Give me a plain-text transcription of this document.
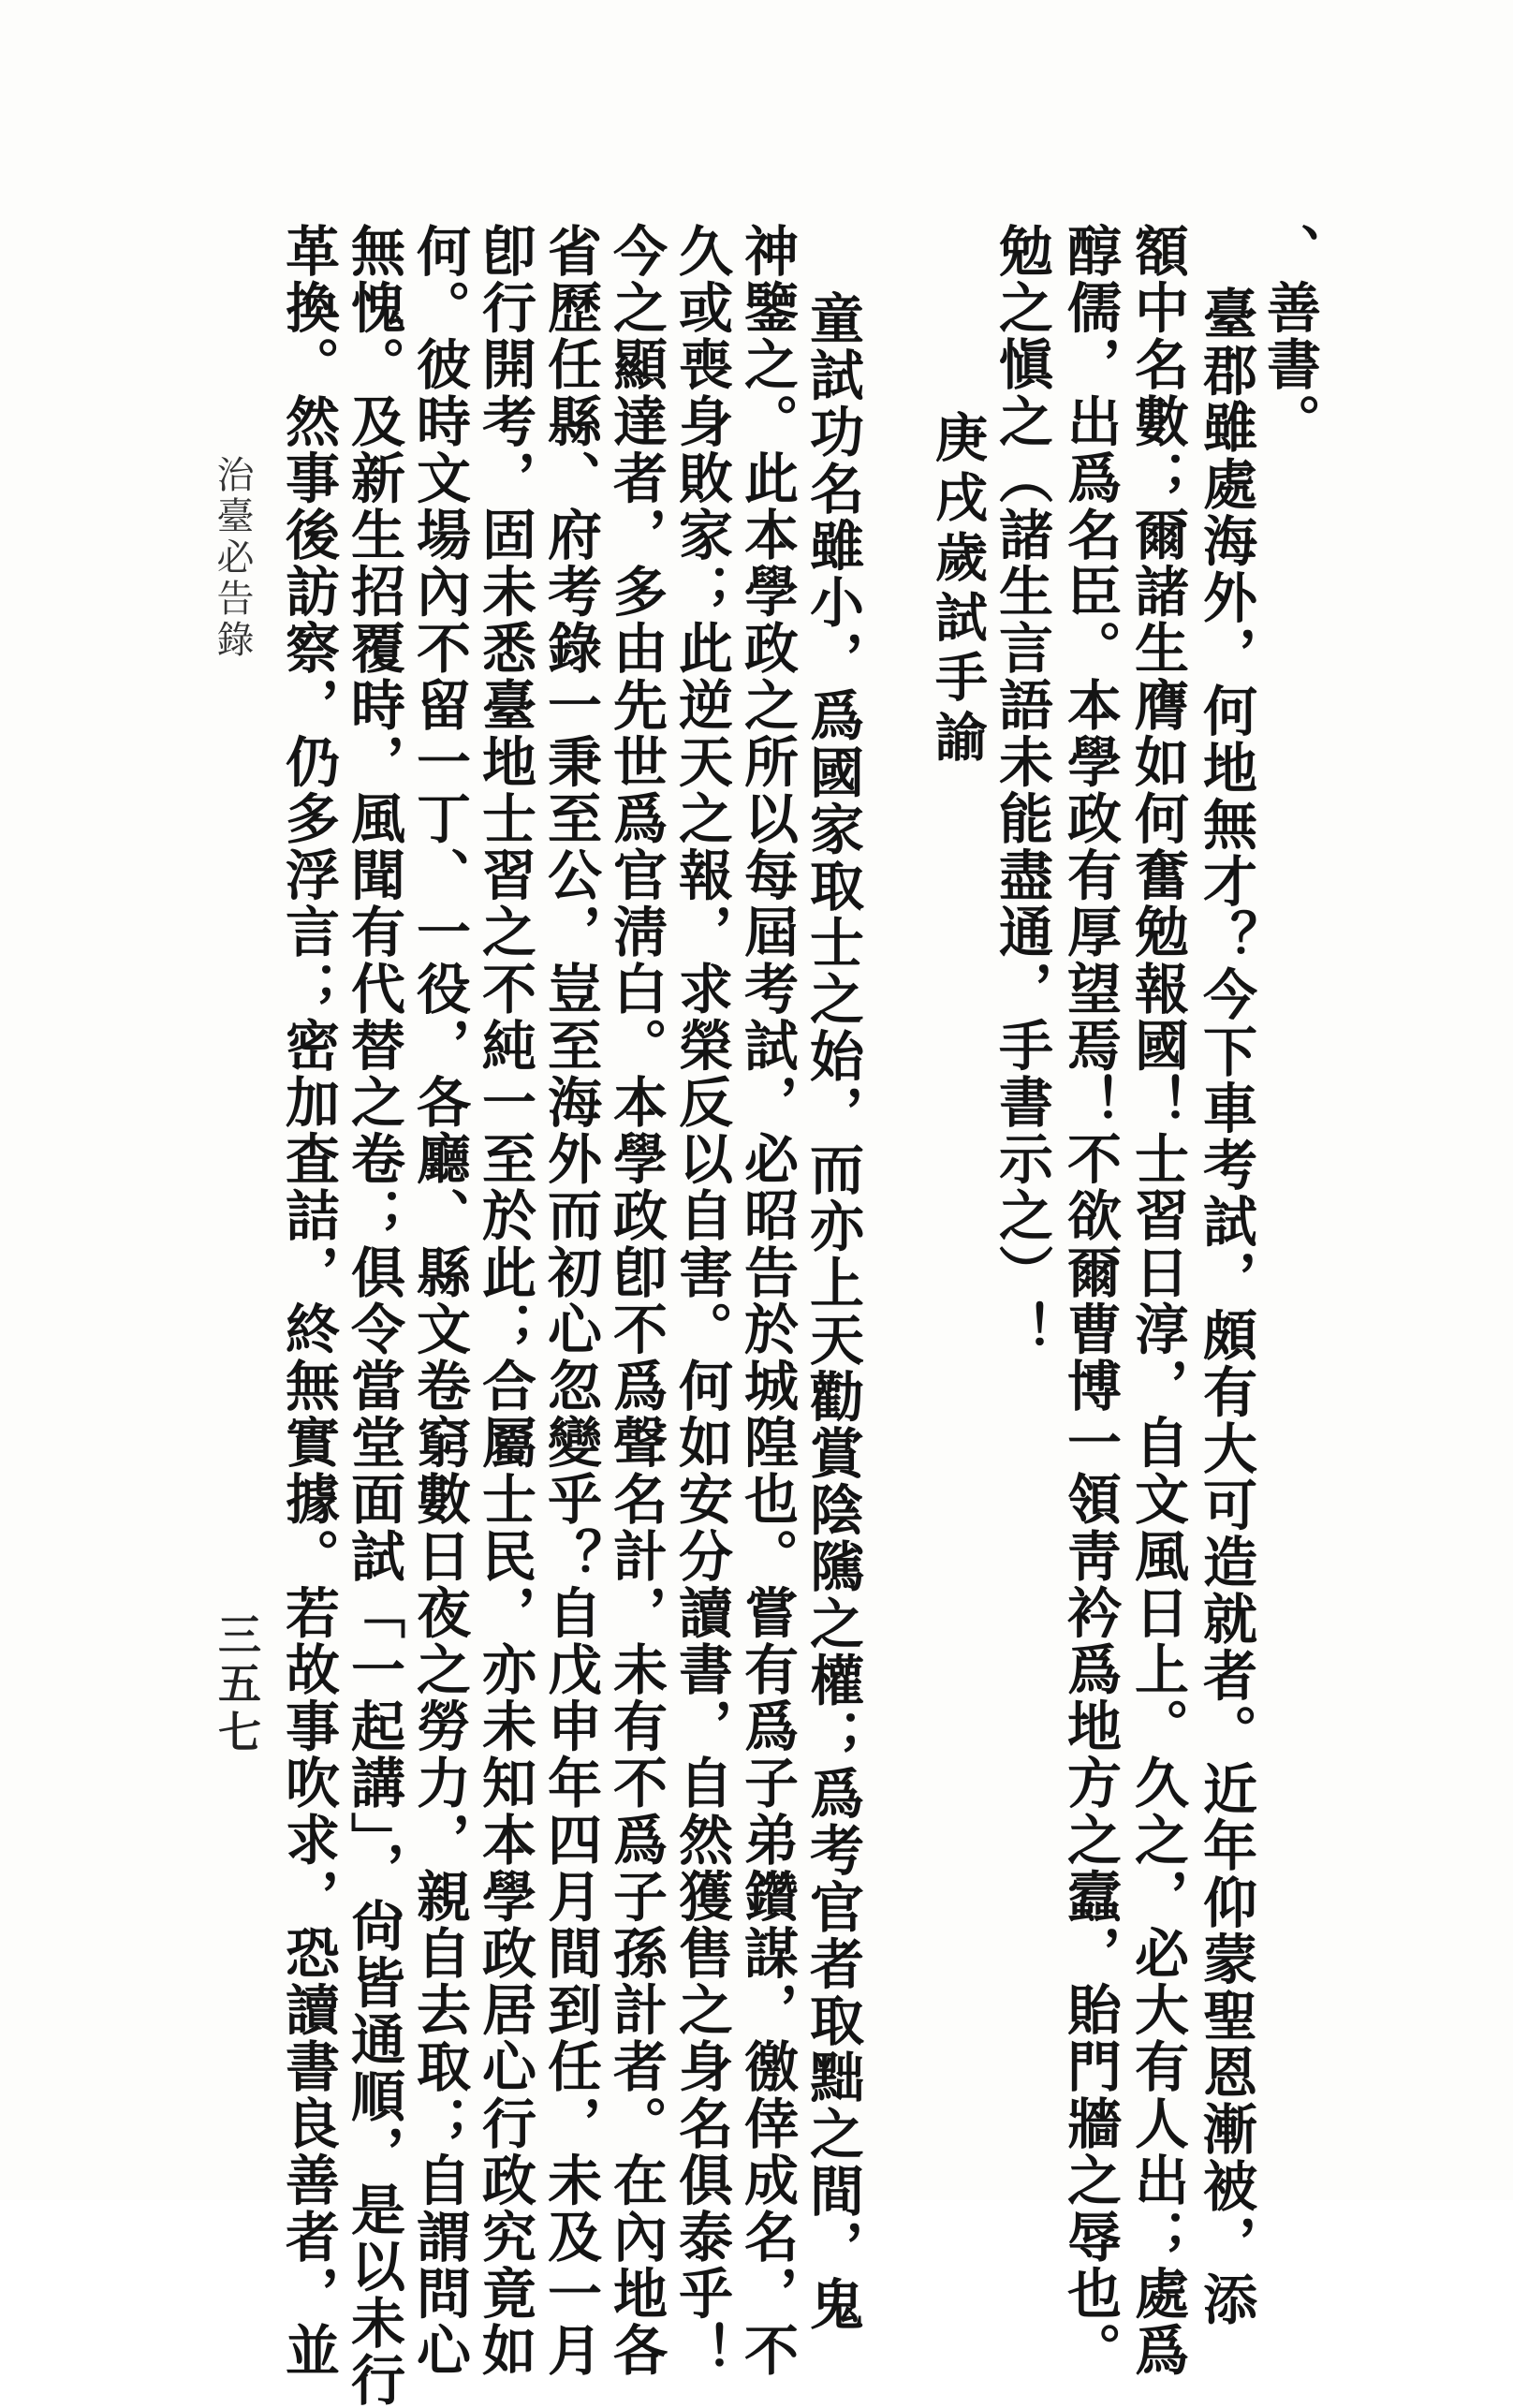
、善書。
臺郡雖處海外，何地無才？今下車考試，頗有大可造就者。近年仰蒙聖恩漸被，添
額中名數；爾諸生膺如何奮勉報國！士習日淳，自文風日上。久之，必大有人出；處爲
醇儒，出爲名臣。本學政有厚望焉！不欲爾曹博一領靑衿爲地方之蠧，貽門牆之辱也。
勉之愼之（諸生言語未能盡通，手書示之）！
庚戌歲試手諭
童試功名雖小，爲國家取士之始，而亦上天勸賞陰隲之權；爲考官者取黜之間，鬼
神鑒之。此本學政之所以每屆考試，必昭告於城隍也。嘗有爲子弟鑽謀，徼倖成名，不
久或喪身敗家；此逆天之報，求榮反以自害。何如安分讀書，自然獲售之身名俱泰乎！
今之顯達者，多由先世爲官淸白。本學政卽不爲聲名計，未有不爲子孫計者。在內地各
省歷任縣、府考錄一秉至公，豈至海外而初心忽變乎？自戊申年四月間到任，未及一月
卽行開考，固未悉臺地士習之不純一至於此；合屬士民，亦未知本學政居心行政究竟如
何。彼時文場內不留一丁、一役，各廳、縣文卷窮數日夜之勞力，親自去取；自謂問心
無愧。及新生招覆時，風聞有代替之卷；俱令當堂面試「一起講」，尙皆通順，是以未行
革換。然事後訪察，仍多浮言；密加査詰，終無實據。若故事吹求，恐讀書良善者，並
治臺必告錄
三五七
